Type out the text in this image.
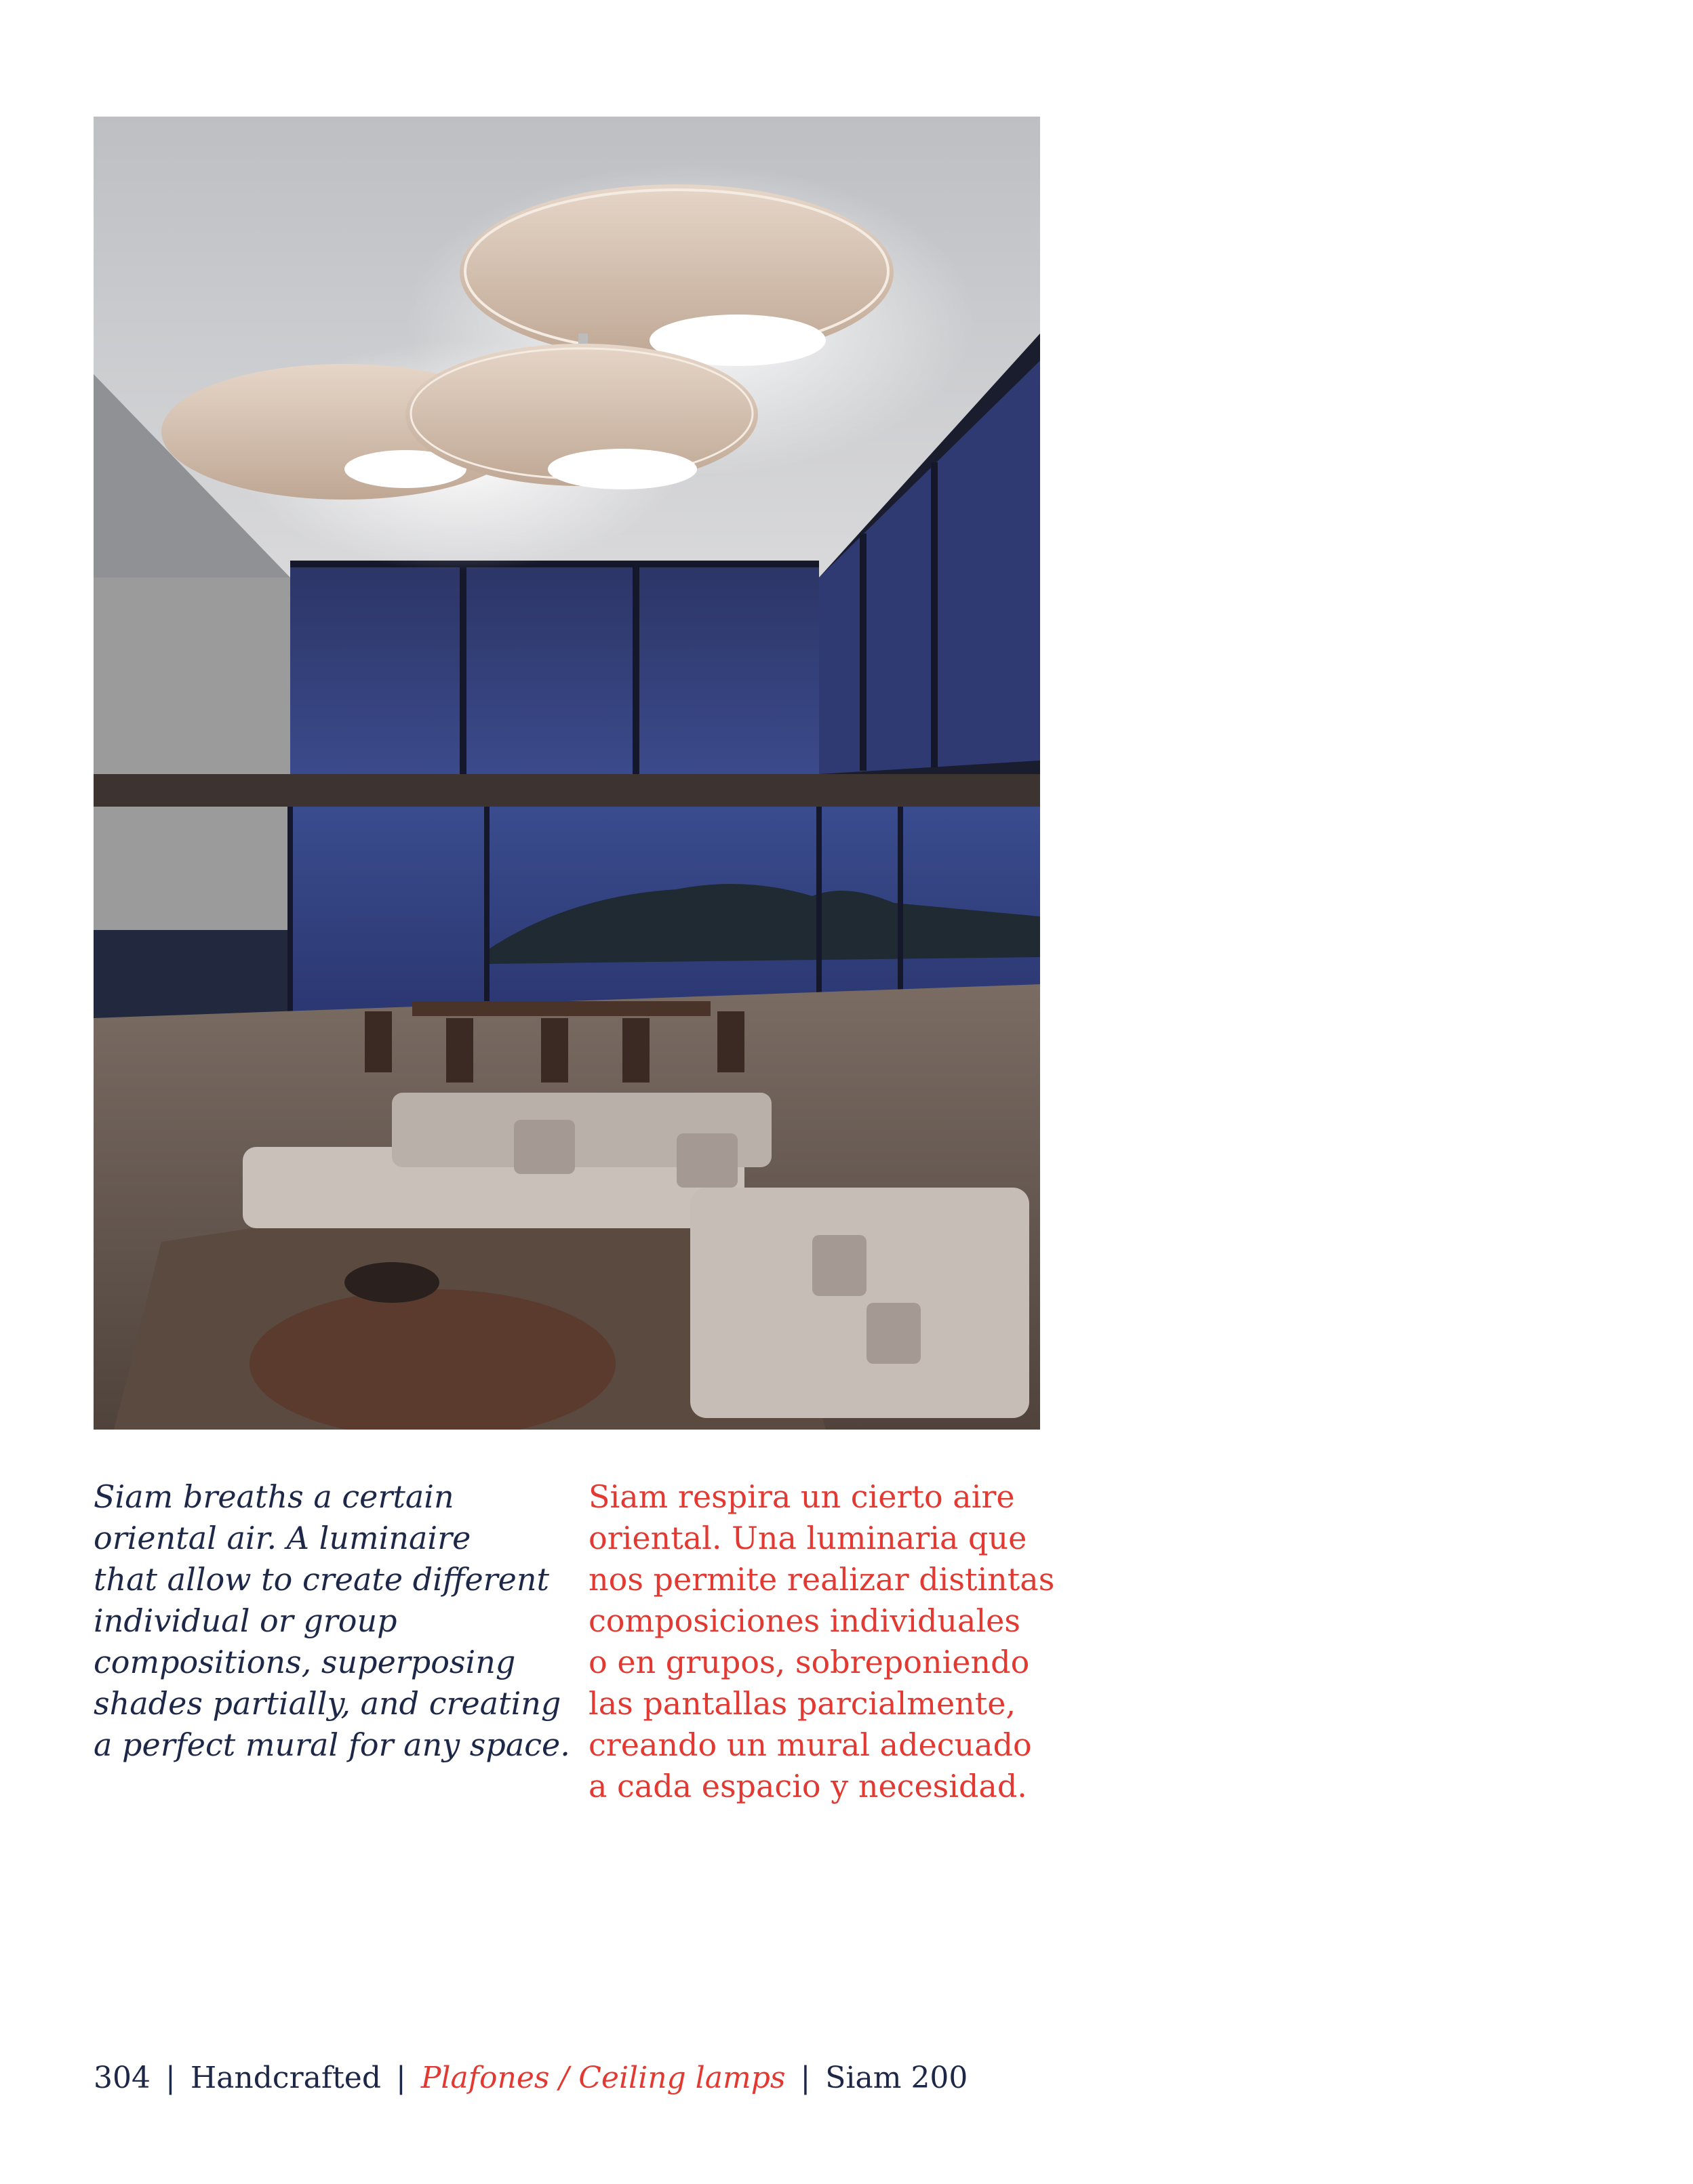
Siam breaths a certain
oriental air. A luminaire
that allow to create different
individual or group
compositions, superposing
shades partially, and creating
a perfect mural for any space.
Siam respira un cierto aire
oriental. Una luminaria que
nos permite realizar distintas
composiciones individuales
o en grupos, sobreponiendo
las pantallas parcialmente,
creando un mural adecuado
a cada espacio y necesidad.
304 | Handcrafted | Plafones / Ceiling lamps | Siam 200
